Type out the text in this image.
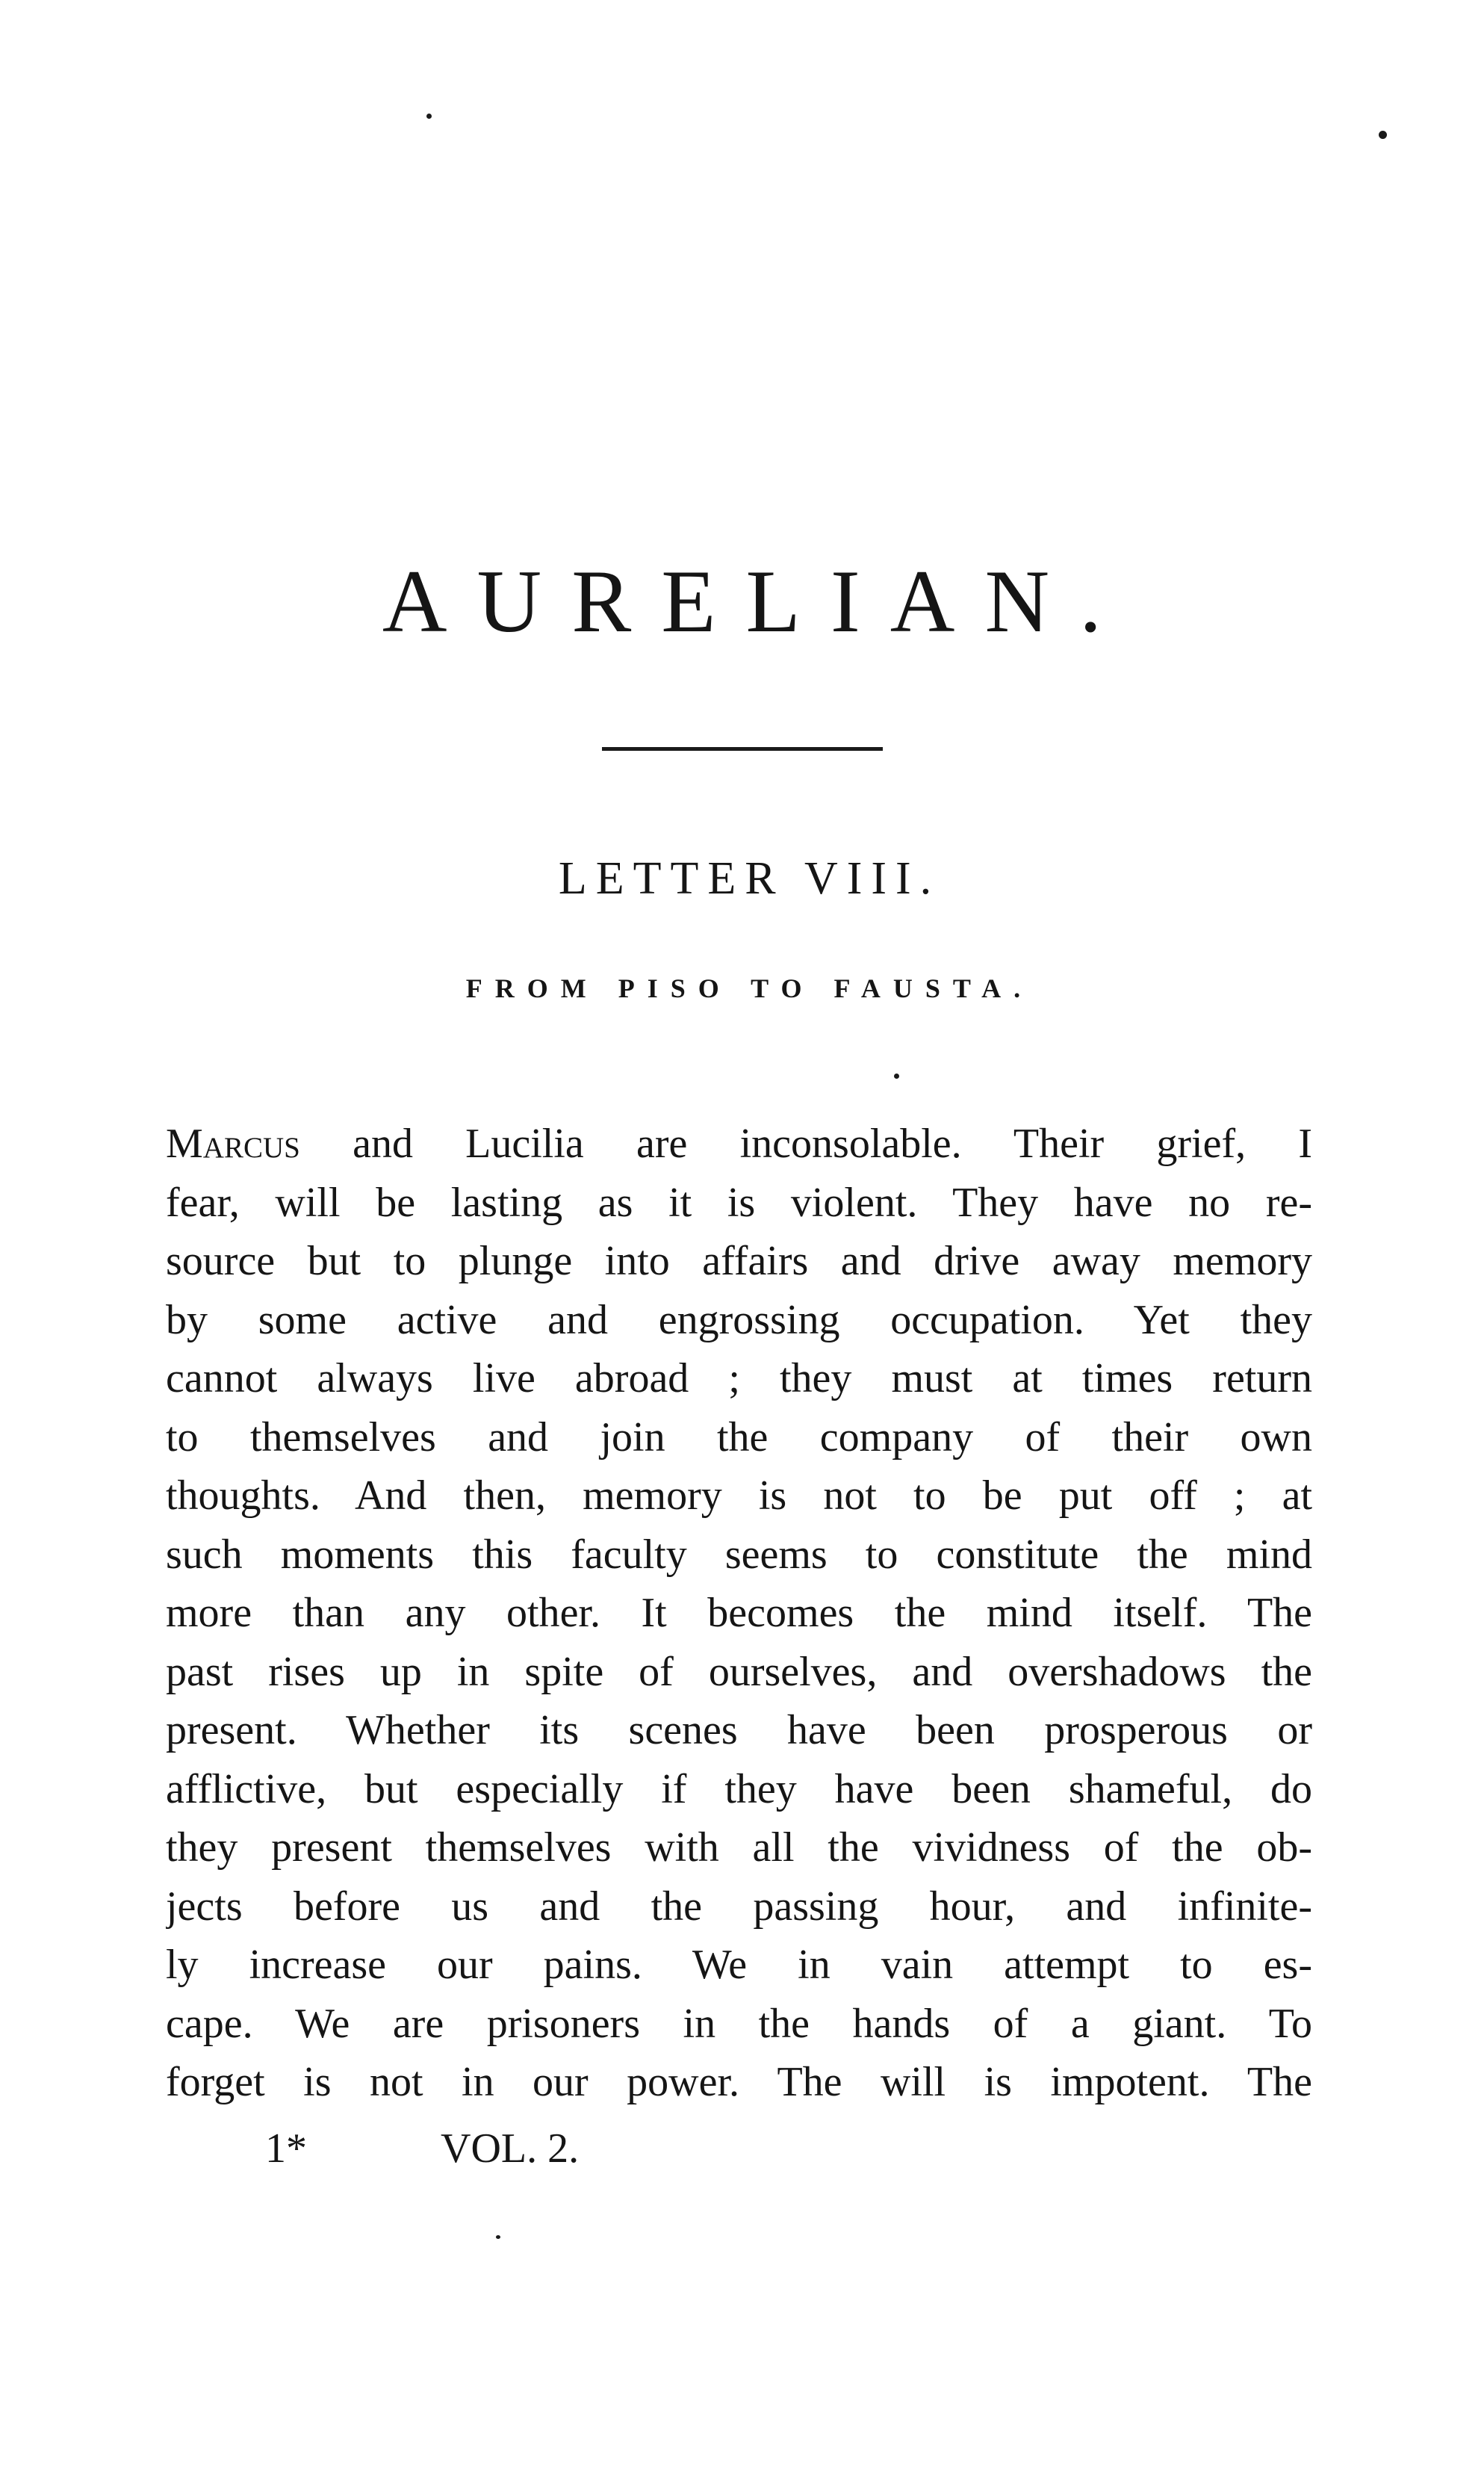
AURELIAN.
LETTER VIII.
FROM PISO TO FAUSTA.
Marcus and Lucilia are inconsolable. Their grief, I
fear, will be lasting as it is violent. They have no re-
source but to plunge into affairs and drive away memory
by some active and engrossing occupation. Yet they
cannot always live abroad ; they must at times return
to themselves and join the company of their own
thoughts. And then, memory is not to be put off ; at
such moments this faculty seems to constitute the mind
more than any other. It becomes the mind itself. The
past rises up in spite of ourselves, and overshadows the
present. Whether its scenes have been prosperous or
afflictive, but especially if they have been shameful, do
they present themselves with all the vividness of the ob-
jects before us and the passing hour, and infinite-
ly increase our pains. We in vain attempt to es-
cape. We are prisoners in the hands of a giant. To
forget is not in our power. The will is impotent. The
1*	VOL. 2.
